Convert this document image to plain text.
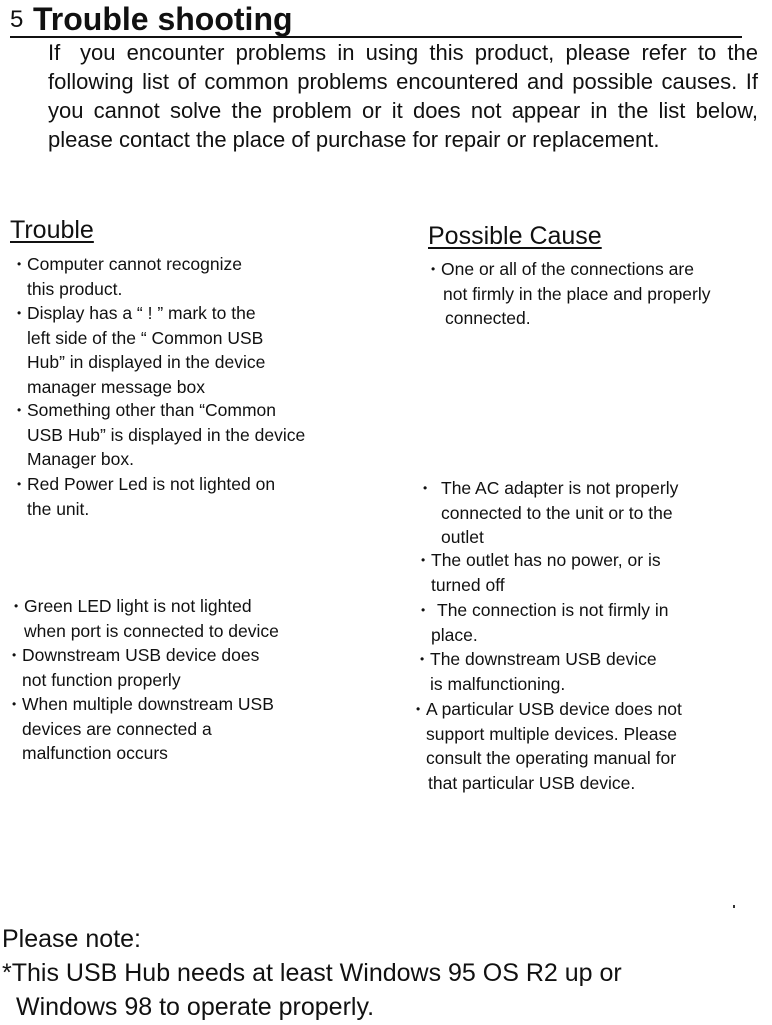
5 Trouble shooting
If you encounter problems in using this product, please refer to the following list of common problems encountered and possible causes. If you cannot solve the problem or it does not appear in the list below, please contact the place of purchase for repair or replacement.
Trouble	Possible Cause
• Computer cannot recognize
this product.
• Display has a “ ! ” mark to the
left side of the “ Common USB
Hub” in displayed in the device
manager message box
• Something other than “Common
USB Hub” is displayed in the device
Manager box.
• Red Power Led is not lighted on
the unit.
• Green LED light is not lighted
when port is connected to device
• Downstream USB device does
not function properly
• When multiple downstream USB
devices are connected a
malfunction occurs
• One or all of the connections are
not firmly in the place and properly
connected.
• The AC adapter is not properly
connected to the unit or to the
outlet
• The outlet has no power, or is
turned off
• The connection is not firmly in
place.
• The downstream USB device
is malfunctioning.
• A particular USB device does not
support multiple devices. Please
consult the operating manual for
that particular USB device.
Please note:
*This USB Hub needs at least Windows 95 OS R2 up or
Windows 98 to operate properly.
